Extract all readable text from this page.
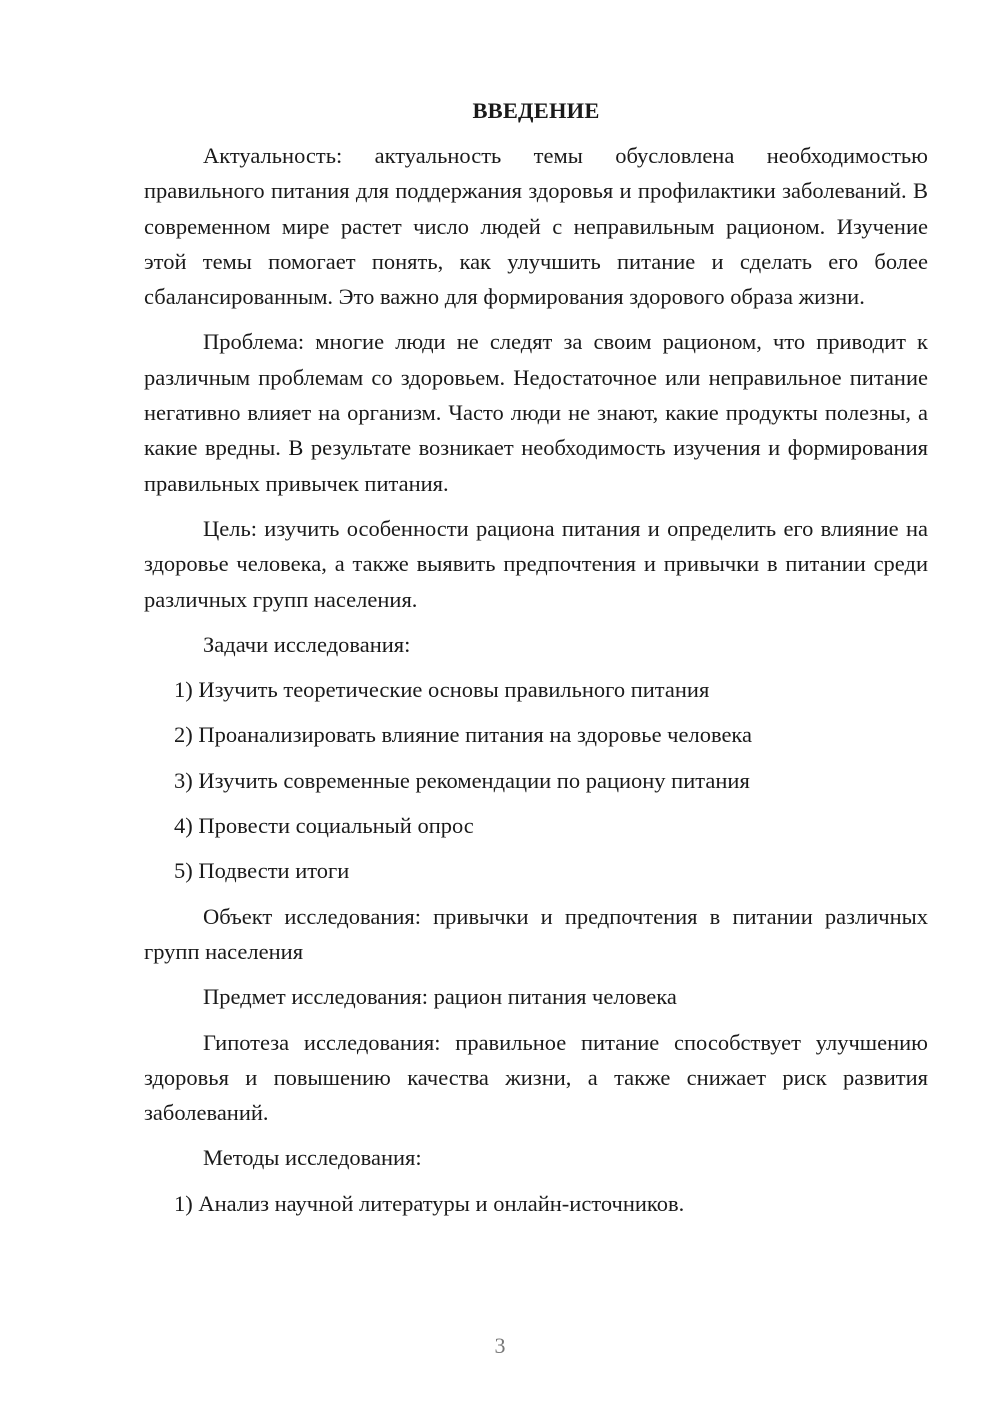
ВВЕДЕНИЕ

Актуальность: актуальность темы обусловлена необходимостью правильного питания для поддержания здоровья и профилактики заболеваний. В современном мире растет число людей с неправильным рационом. Изучение этой темы помогает понять, как улучшить питание и сделать его более сбалансированным. Это важно для формирования здорового образа жизни.

Проблема: многие люди не следят за своим рационом, что приводит к различным проблемам со здоровьем. Недостаточное или неправильное питание негативно влияет на организм. Часто люди не знают, какие продукты полезны, а какие вредны. В результате возникает необходимость изучения и формирования правильных привычек питания.

Цель: изучить особенности рациона питания и определить его влияние на здоровье человека, а также выявить предпочтения и привычки в питании среди различных групп населения.

Задачи исследования:

1) Изучить теоретические основы правильного питания
2) Проанализировать влияние питания на здоровье человека
3) Изучить современные рекомендации по рациону питания
4) Провести социальный опрос
5) Подвести итоги

Объект исследования: привычки и предпочтения в питании различных групп населения

Предмет исследования: рацион питания человека

Гипотеза исследования: правильное питание способствует улучшению здоровья и повышению качества жизни, а также снижает риск развития заболеваний.

Методы исследования:

1) Анализ научной литературы и онлайн-источников.
3
